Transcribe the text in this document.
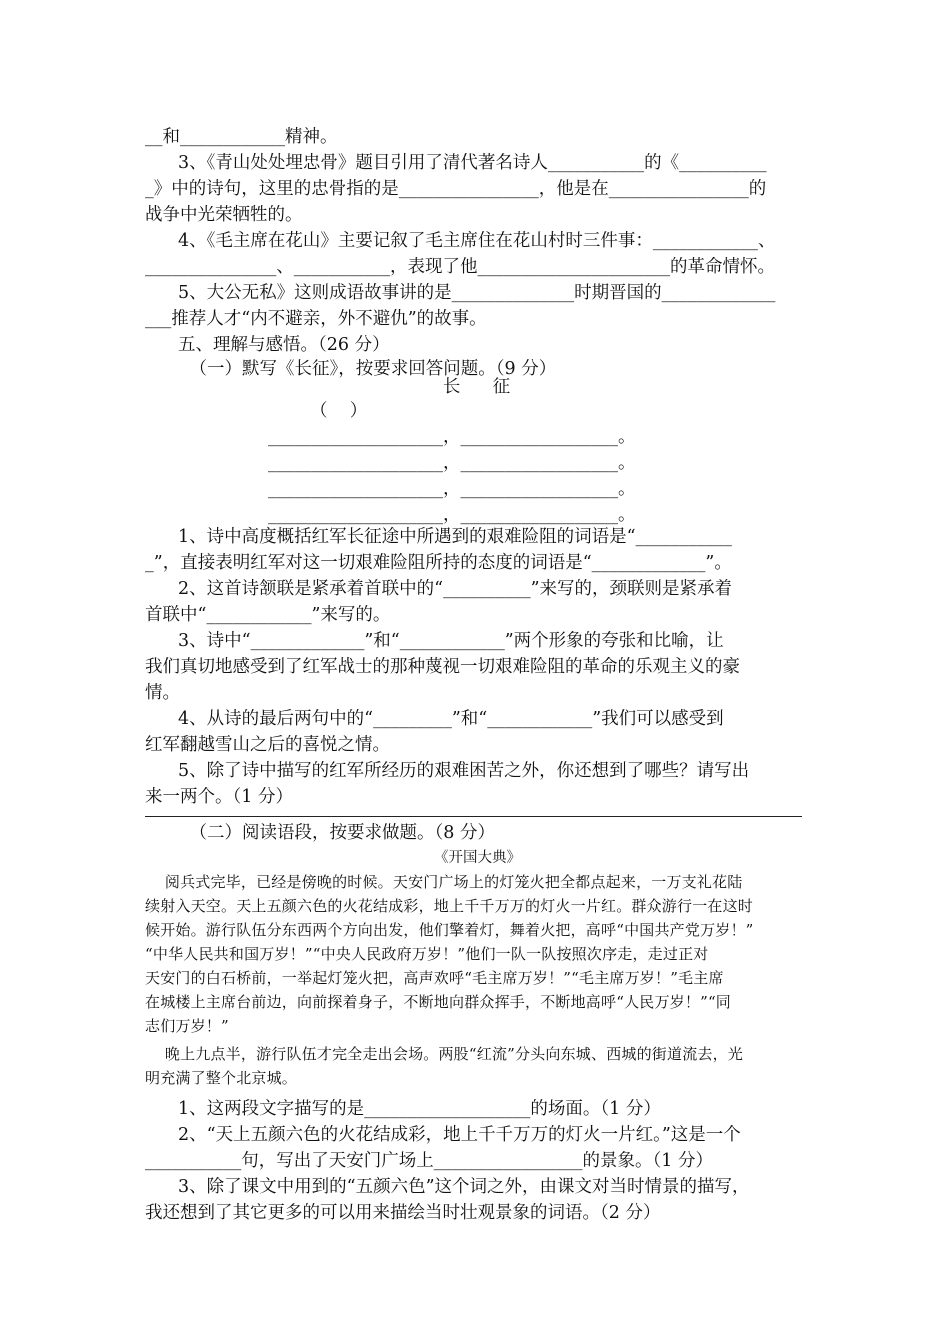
__和____________精神。
3、《青山处处埋忠骨》题目引用了清代著名诗人___________的《__________
_》中的诗句，这里的忠骨指的是________________，他是在________________的
战争中光荣牺牲的。
4、《毛主席在花山》主要记叙了毛主席住在花山村时三件事：____________、
_______________、___________，表现了他______________________的革命情怀。
5、大公无私》这则成语故事讲的是______________时期晋国的_____________
___推荐人才“内不避亲，外不避仇”的故事。
五、理解与感悟。（26 分）
（一）默写《长征》，按要求回答问题。（9 分）
长    征
（    ）
____________________，__________________。
____________________，__________________。
____________________，__________________。
____________________，__________________。
1、诗中高度概括红军长征途中所遇到的艰难险阻的词语是“___________
_”，直接表明红军对这一切艰难险阻所持的态度的词语是“_____________”。
2、这首诗颔联是紧承着首联中的“__________”来写的，颈联则是紧承着
首联中“____________”来写的。
3、诗中“_____________”和“____________”两个形象的夸张和比喻，让
我们真切地感受到了红军战士的那种蔑视一切艰难险阻的革命的乐观主义的豪
情。
4、从诗的最后两句中的“_________”和“____________”我们可以感受到
红军翻越雪山之后的喜悦之情。
5、除了诗中描写的红军所经历的艰难困苦之外，你还想到了哪些？请写出
来一两个。（1 分）
（二）阅读语段，按要求做题。（8 分）
《开国大典》
阅兵式完毕，已经是傍晚的时候。天安门广场上的灯笼火把全都点起来，一万支礼花陆
续射入天空。天上五颜六色的火花结成彩，地上千千万万的灯火一片红。群众游行一在这时
候开始。游行队伍分东西两个方向出发，他们擎着灯，舞着火把，高呼“中国共产党万岁！”
“中华人民共和国万岁！”“中央人民政府万岁！”他们一队一队按照次序走，走过正对
天安门的白石桥前，一举起灯笼火把，高声欢呼“毛主席万岁！”“毛主席万岁！”毛主席
在城楼上主席台前边，向前探着身子，不断地向群众挥手，不断地高呼“人民万岁！”“同
志们万岁！”
晚上九点半，游行队伍才完全走出会场。两股“红流”分头向东城、西城的街道流去，光
明充满了整个北京城。
1、这两段文字描写的是___________________的场面。（1 分）
2、“天上五颜六色的火花结成彩，地上千千万万的灯火一片红。”这是一个
___________句，写出了天安门广场上_________________的景象。（1 分）
3、除了课文中用到的“五颜六色”这个词之外，由课文对当时情景的描写，
我还想到了其它更多的可以用来描绘当时壮观景象的词语。（2 分）
